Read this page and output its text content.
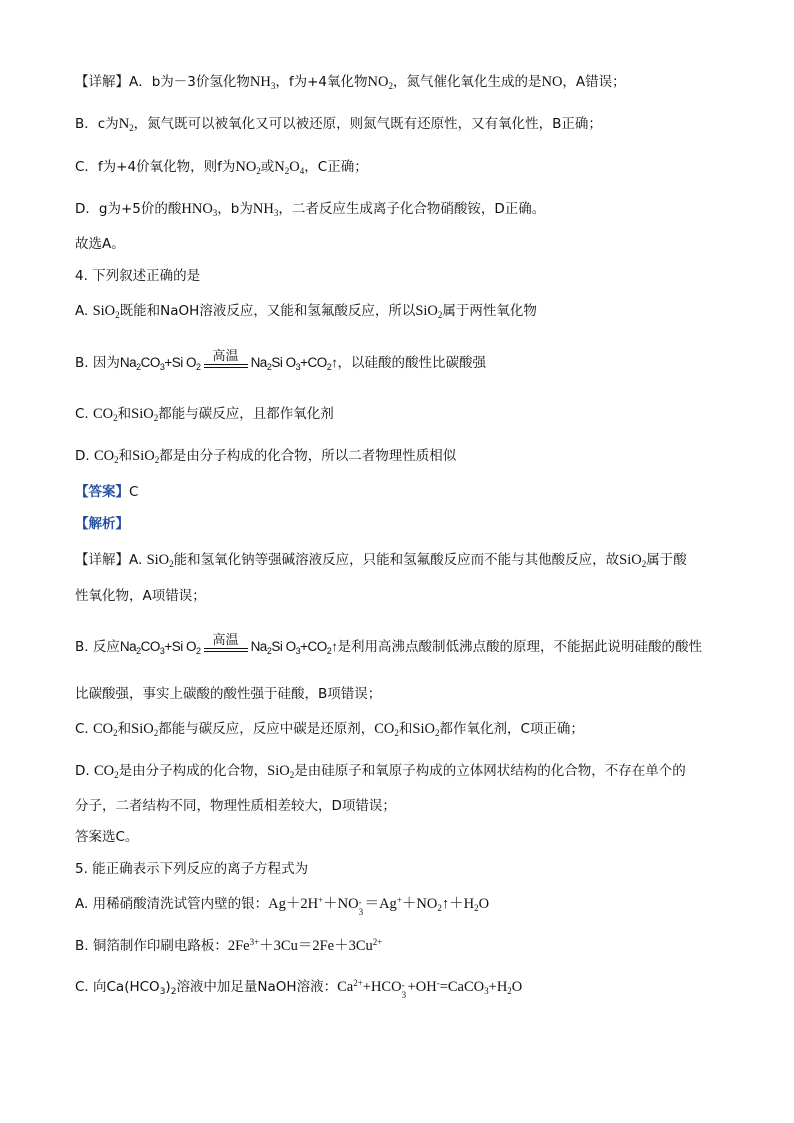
【详解】A．b为－3价氢化物$NH_3$，f为+4氧化物$NO_2$，氮气催化氧化生成的是NO，A错误；
B．c为$N_2$，氮气既可以被氧化又可以被还原，则氮气既有还原性，又有氧化性，B正确；
C．f为+4价氧化物，则f为$NO_2$或$N_2O_4$，C正确；
D．g为+5价的酸$HNO_3$，b为$NH_3$，二者反应生成离子化合物硝酸铵，D正确。
故选A。
4. 下列叙述正确的是
A. SiO$_2$既能和NaOH溶液反应，又能和氢氟酸反应，所以SiO$_2$属于两性氧化物
B. 因为$Na_2CO_3+Si$ $O_2$
高温 $Na_2Si$ $O_3+CO_2↑$，以硅酸的酸性比碳酸强
C. $CO_2$和SiO$_2$都能与碳反应，且都作氧化剂
D. $CO_2$和SiO$_2$都是由分子构成的化合物，所以二者物理性质相似
【答案】C
【解析】
【详解】A. SiO$_2$能和氢氧化钠等强碱溶液反应，只能和氢氟酸反应而不能与其他酸反应，故SiO$_2$属于酸
性氧化物，A项错误；
B. 反应$Na_2CO_3+Si$ $O_2$
高温 $Na_2Si$ $O_3+CO_2↑$是利用高沸点酸制低沸点酸的原理，不能据此说明硅酸的酸性
比碳酸强，事实上碳酸的酸性强于硅酸，B项错误；
C. $CO_2$和SiO$_2$都能与碳反应，反应中碳是还原剂，$CO_2$和SiO$_2$都作氧化剂，C项正确；
D. $CO_2$是由分子构成的化合物，SiO$_2$是由硅原子和氧原子构成的立体网状结构的化合物，不存在单个的
分子，二者结构不同，物理性质相差较大，D项错误；
答案选C。
5. 能正确表示下列反应的离子方程式为
A. 用稀硝酸清洗试管内壁的银：Ag＋2H+＋NO -
$3 =Ag^++NO_2↑+H_2O$
B. 铜箔制作印刷电路板：$2Fe^{3+}+3Cu=2Fe+3Cu^{2+}$
C. 向$Ca(HCO_3)_2$溶液中加足量NaOH溶液：$Ca^{2+}+HCO$ -
$3 +OH^-=CaCO_3+H_2O$
